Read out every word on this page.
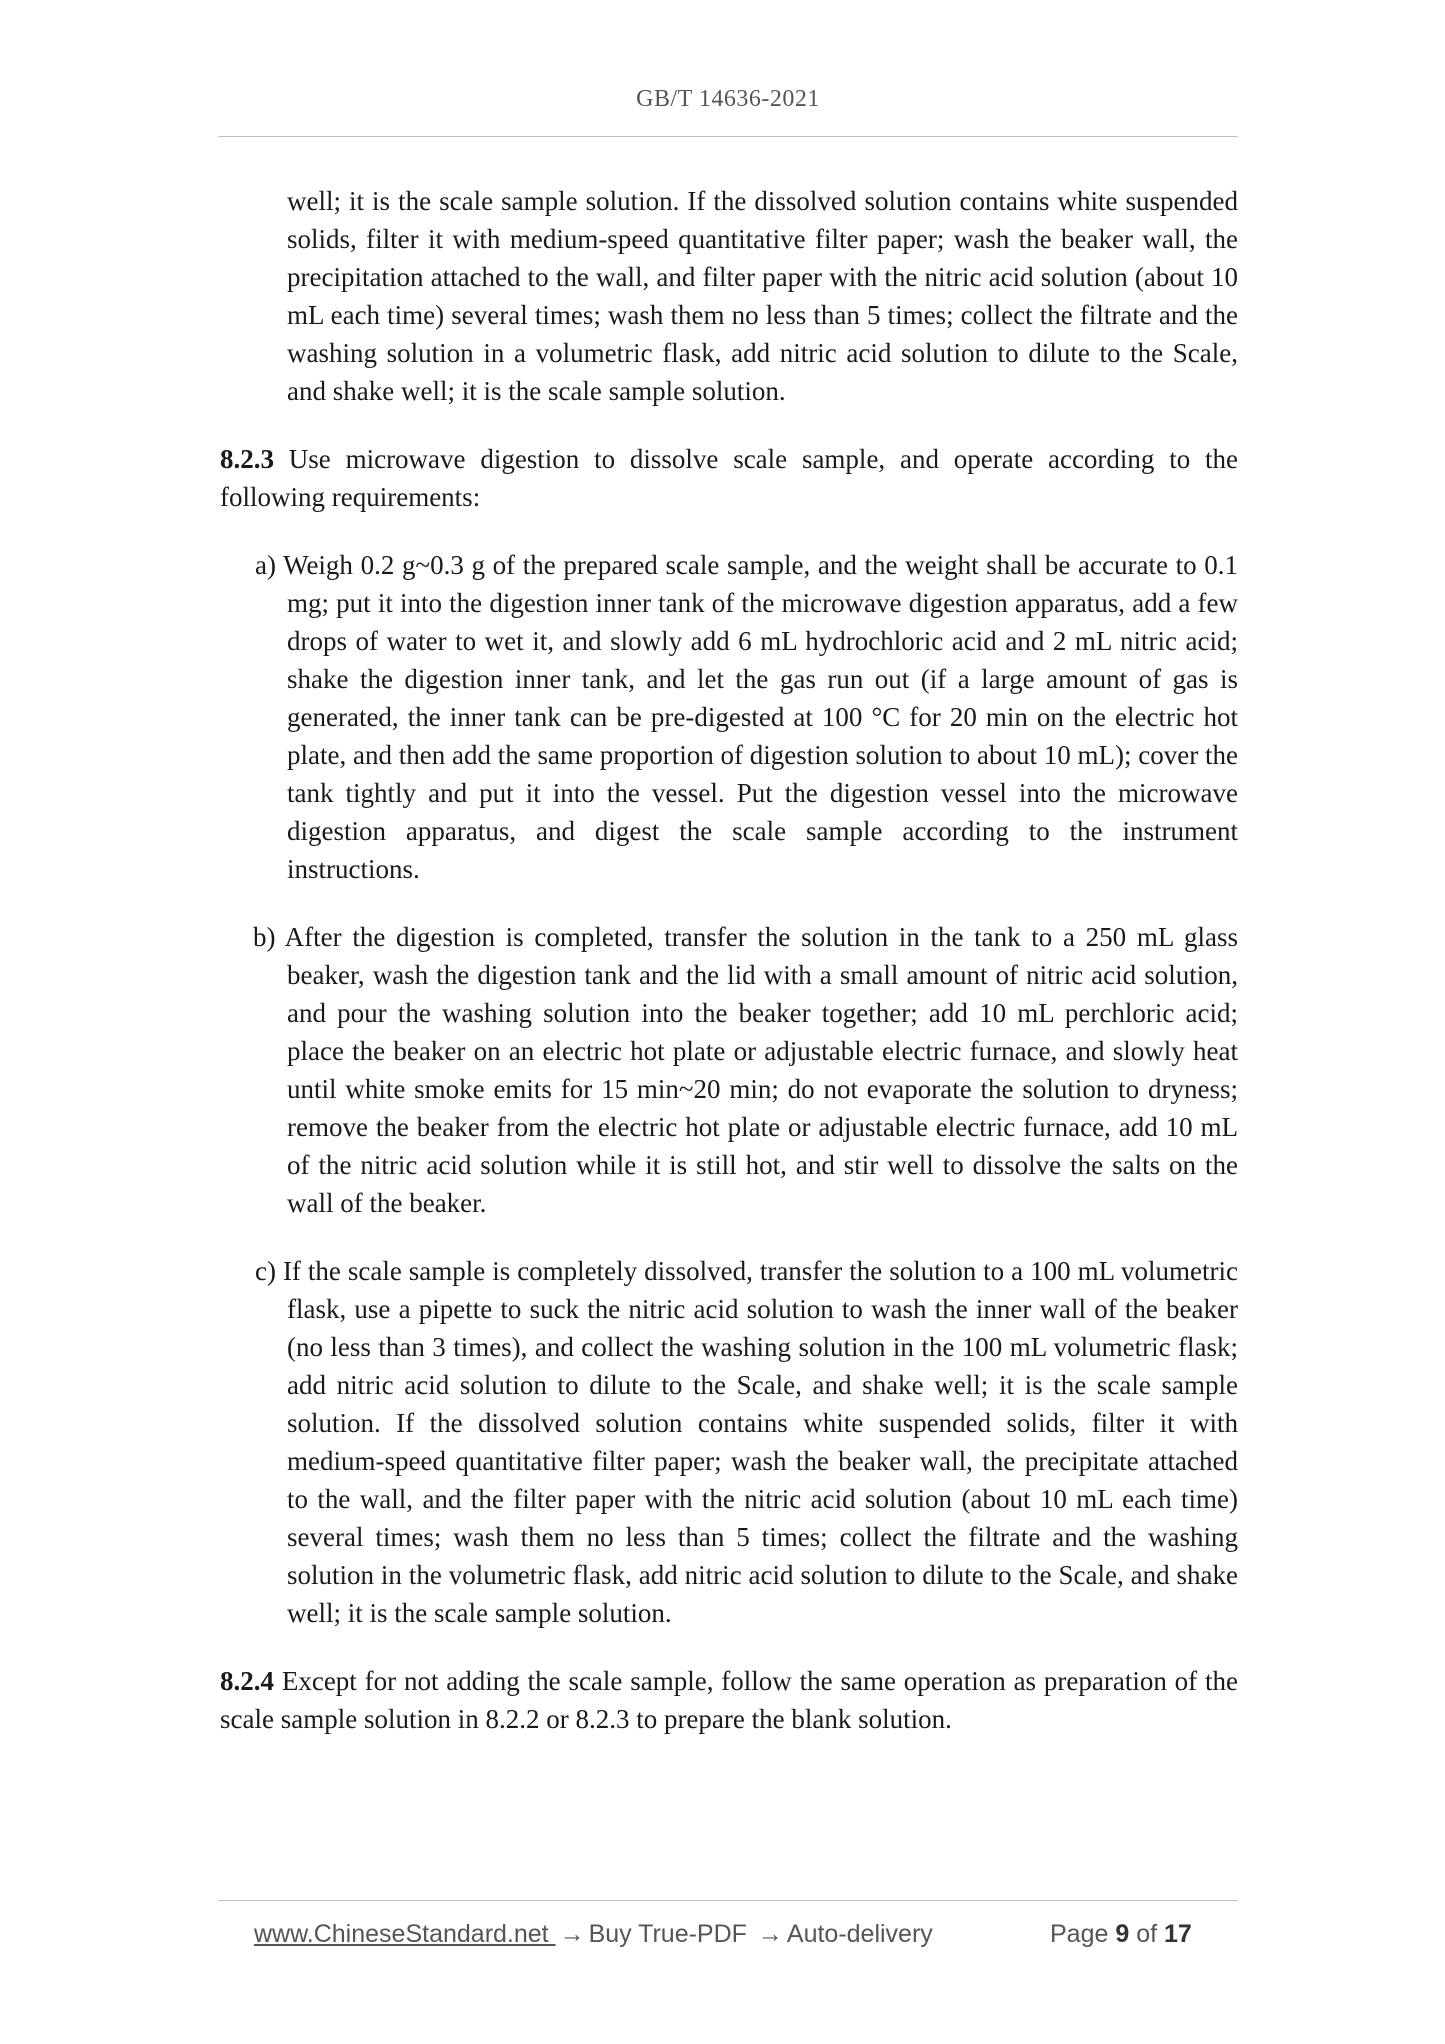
GB/T 14636-2021

well; it is the scale sample solution. If the dissolved solution contains white suspended solids, filter it with medium-speed quantitative filter paper; wash the beaker wall, the precipitation attached to the wall, and filter paper with the nitric acid solution (about 10 mL each time) several times; wash them no less than 5 times; collect the filtrate and the washing solution in a volumetric flask, add nitric acid solution to dilute to the Scale, and shake well; it is the scale sample solution.

8.2.3 Use microwave digestion to dissolve scale sample, and operate according to the following requirements:

a) Weigh 0.2 g~0.3 g of the prepared scale sample, and the weight shall be accurate to 0.1 mg; put it into the digestion inner tank of the microwave digestion apparatus, add a few drops of water to wet it, and slowly add 6 mL hydrochloric acid and 2 mL nitric acid; shake the digestion inner tank, and let the gas run out (if a large amount of gas is generated, the inner tank can be pre-digested at 100 °C for 20 min on the electric hot plate, and then add the same proportion of digestion solution to about 10 mL); cover the tank tightly and put it into the vessel. Put the digestion vessel into the microwave digestion apparatus, and digest the scale sample according to the instrument instructions.

b) After the digestion is completed, transfer the solution in the tank to a 250 mL glass beaker, wash the digestion tank and the lid with a small amount of nitric acid solution, and pour the washing solution into the beaker together; add 10 mL perchloric acid; place the beaker on an electric hot plate or adjustable electric furnace, and slowly heat until white smoke emits for 15 min~20 min; do not evaporate the solution to dryness; remove the beaker from the electric hot plate or adjustable electric furnace, add 10 mL of the nitric acid solution while it is still hot, and stir well to dissolve the salts on the wall of the beaker.

c) If the scale sample is completely dissolved, transfer the solution to a 100 mL volumetric flask, use a pipette to suck the nitric acid solution to wash the inner wall of the beaker (no less than 3 times), and collect the washing solution in the 100 mL volumetric flask; add nitric acid solution to dilute to the Scale, and shake well; it is the scale sample solution. If the dissolved solution contains white suspended solids, filter it with medium-speed quantitative filter paper; wash the beaker wall, the precipitate attached to the wall, and the filter paper with the nitric acid solution (about 10 mL each time) several times; wash them no less than 5 times; collect the filtrate and the washing solution in the volumetric flask, add nitric acid solution to dilute to the Scale, and shake well; it is the scale sample solution.

8.2.4 Except for not adding the scale sample, follow the same operation as preparation of the scale sample solution in 8.2.2 or 8.2.3 to prepare the blank solution.

www.ChineseStandard.net → Buy True-PDF → Auto-delivery	Page 9 of 17
